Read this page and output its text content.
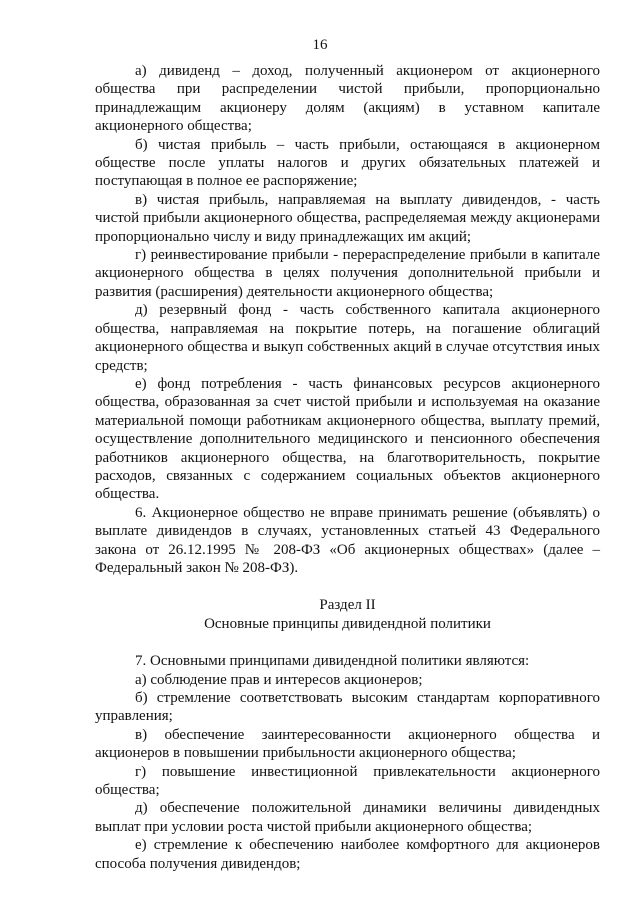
16

а) дивиденд – доход, полученный акционером от акционерного общества при распределении чистой прибыли, пропорционально принадлежащим акционеру долям (акциям) в уставном капитале акционерного общества;

б) чистая прибыль – часть прибыли, остающаяся в акционерном обществе после уплаты налогов и других обязательных платежей и поступающая в полное ее распоряжение;

в) чистая прибыль, направляемая на выплату дивидендов, - часть чистой прибыли акционерного общества, распределяемая между акционерами пропорционально числу и виду принадлежащих им акций;

г) реинвестирование прибыли - перераспределение прибыли в капитале акционерного общества в целях получения дополнительной прибыли и развития (расширения) деятельности акционерного общества;

д) резервный фонд - часть собственного капитала акционерного общества, направляемая на покрытие потерь, на погашение облигаций акционерного общества и выкуп собственных акций в случае отсутствия иных средств;

е) фонд потребления - часть финансовых ресурсов акционерного общества, образованная за счет чистой прибыли и используемая на оказание материальной помощи работникам акционерного общества, выплату премий, осуществление дополнительного медицинского и пенсионного обеспечения работников акционерного общества, на благотворительность, покрытие расходов, связанных с содержанием социальных объектов акционерного общества.

6. Акционерное общество не вправе принимать решение (объявлять) о выплате дивидендов в случаях, установленных статьей 43 Федерального закона от 26.12.1995 № 208-ФЗ «Об акционерных обществах» (далее – Федеральный закон № 208-ФЗ).

Раздел II

Основные принципы дивидендной политики

7. Основными принципами дивидендной политики являются:

а) соблюдение прав и интересов акционеров;

б) стремление соответствовать высоким стандартам корпоративного управления;

в) обеспечение заинтересованности акционерного общества и акционеров в повышении прибыльности акционерного общества;

г) повышение инвестиционной привлекательности акционерного общества;

д) обеспечение положительной динамики величины дивидендных выплат при условии роста чистой прибыли акционерного общества;

е) стремление к обеспечению наиболее комфортного для акционеров способа получения дивидендов;
